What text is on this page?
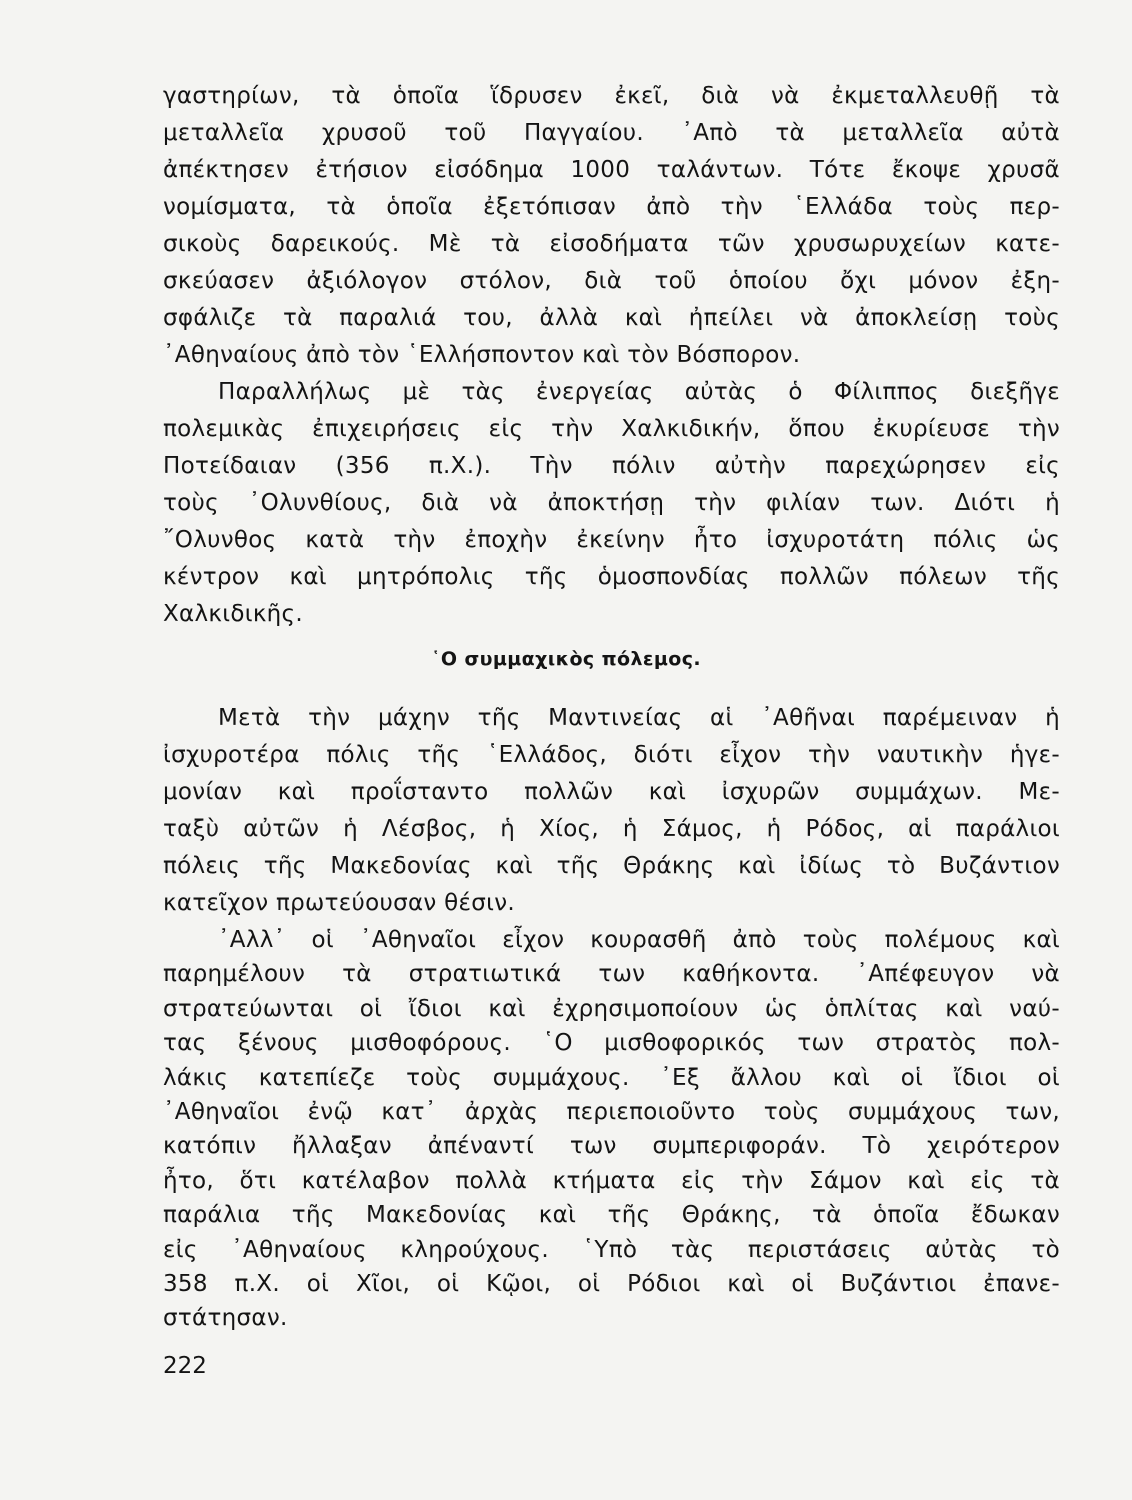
γαστηρίων, τὰ ὁποῖα ἵδρυσεν ἐκεῖ, διὰ νὰ ἐκμεταλλευθῇ τὰ
μεταλλεῖα χρυσοῦ τοῦ Παγγαίου. ᾿Απὸ τὰ μεταλλεῖα αὐτὰ
ἀπέκτησεν ἐτήσιον εἰσόδημα 1000 ταλάντων. Τότε ἔκοψε χρυσᾶ
νομίσματα, τὰ ὁποῖα ἐξετόπισαν ἀπὸ τὴν ῾Ελλάδα τοὺς περ-
σικοὺς δαρεικούς. Μὲ τὰ εἰσοδήματα τῶν χρυσωρυχείων κατε-
σκεύασεν ἀξιόλογον στόλον, διὰ τοῦ ὁποίου ὄχι μόνον ἐξη-
σφάλιζε τὰ παραλιά του, ἀλλὰ καὶ ἠπείλει νὰ ἀποκλείσῃ τοὺς
᾿Αθηναίους ἀπὸ τὸν ῾Ελλήσποντον καὶ τὸν Βόσπορον.
Παραλλήλως μὲ τὰς ἐνεργείας αὐτὰς ὁ Φίλιππος διεξῆγε
πολεμικὰς ἐπιχειρήσεις εἰς τὴν Χαλκιδικήν, ὅπου ἐκυρίευσε τὴν
Ποτείδαιαν (356 π.Χ.). Τὴν πόλιν αὐτὴν παρεχώρησεν εἰς
τοὺς ᾿Ολυνθίους, διὰ νὰ ἀποκτήσῃ τὴν φιλίαν των. Διότι ἡ
῎Ολυνθος κατὰ τὴν ἐποχὴν ἐκείνην ἦτο ἰσχυροτάτη πόλις ὡς
κέντρον καὶ μητρόπολις τῆς ὁμοσπονδίας πολλῶν πόλεων τῆς
Χαλκιδικῆς.
῾Ο συμμαχικὸς πόλεμος.
Μετὰ τὴν μάχην τῆς Μαντινείας αἱ ᾿Αθῆναι παρέμειναν ἡ
ἰσχυροτέρα πόλις τῆς ῾Ελλάδος, διότι εἶχον τὴν ναυτικὴν ἡγε-
μονίαν καὶ προΐσταντο πολλῶν καὶ ἰσχυρῶν συμμάχων. Με-
ταξὺ αὐτῶν ἡ Λέσβος, ἡ Χίος, ἡ Σάμος, ἡ Ρόδος, αἱ παράλιοι
πόλεις τῆς Μακεδονίας καὶ τῆς Θράκης καὶ ἰδίως τὸ Βυζάντιον
κατεῖχον πρωτεύουσαν θέσιν.
᾿Αλλ᾿ οἱ ᾿Αθηναῖοι εἶχον κουρασθῆ ἀπὸ τοὺς πολέμους καὶ
παρημέλουν τὰ στρατιωτικά των καθήκοντα. ᾿Απέφευγον νὰ
στρατεύωνται οἱ ἴδιοι καὶ ἐχρησιμοποίουν ὡς ὁπλίτας καὶ ναύ-
τας ξένους μισθοφόρους. ῾Ο μισθοφορικός των στρατὸς πολ-
λάκις κατεπίεζε τοὺς συμμάχους. ᾿Εξ ἄλλου καὶ οἱ ἴδιοι οἱ
᾿Αθηναῖοι ἐνῷ κατ᾿ ἀρχὰς περιεποιοῦντο τοὺς συμμάχους των,
κατόπιν ἤλλαξαν ἀπέναντί των συμπεριφοράν. Τὸ χειρότερον
ἦτο, ὅτι κατέλαβον πολλὰ κτήματα εἰς τὴν Σάμον καὶ εἰς τὰ
παράλια τῆς Μακεδονίας καὶ τῆς Θράκης, τὰ ὁποῖα ἔδωκαν
εἰς ᾿Αθηναίους κληρούχους. ῾Υπὸ τὰς περιστάσεις αὐτὰς τὸ
358 π.Χ. οἱ Χῖοι, οἱ Κῷοι, οἱ Ρόδιοι καὶ οἱ Βυζάντιοι ἐπανε-
στάτησαν.
222
